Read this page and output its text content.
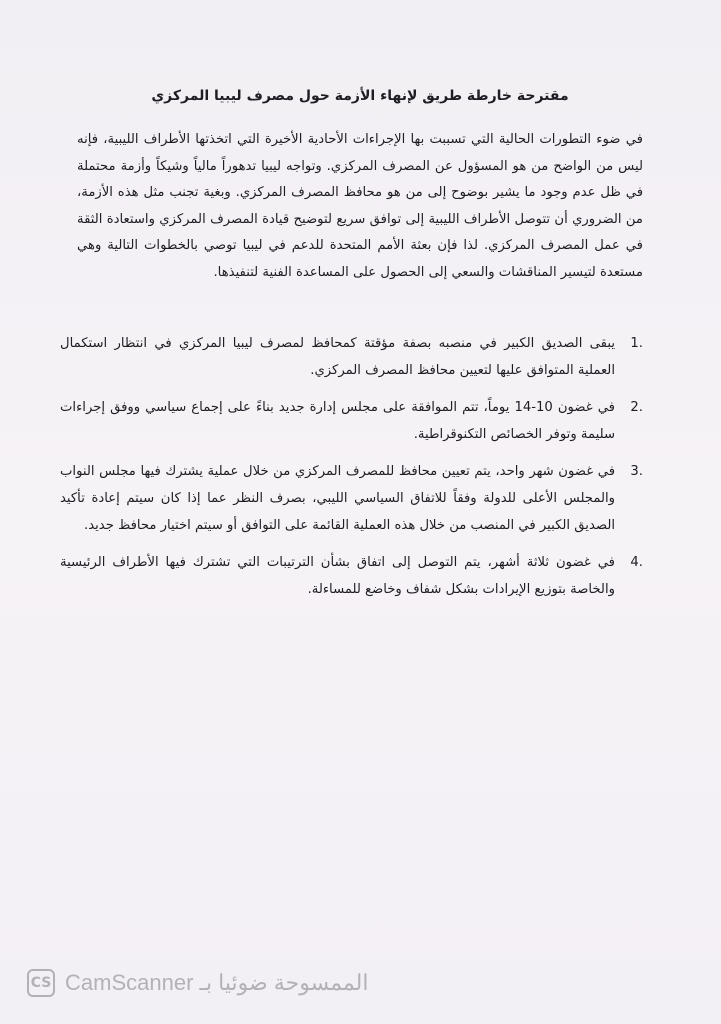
مقترحة خارطة طريق لإنهاء الأزمة حول مصرف ليبيا المركزي

في ضوء التطورات الحالية التي تسببت بها الإجراءات الأحادية الأخيرة التي اتخذتها الأطراف الليبية، فإنه ليس من الواضح من هو المسؤول عن المصرف المركزي. وتواجه ليبيا تدهوراً مالياً وشيكاً وأزمة محتملة في ظل عدم وجود ما يشير بوضوح إلى من هو محافظ المصرف المركزي. وبغية تجنب مثل هذه الأزمة، من الضروري أن تتوصل الأطراف الليبية إلى توافق سريع لتوضيح قيادة المصرف المركزي واستعادة الثقة في عمل المصرف المركزي. لذا فإن بعثة الأمم المتحدة للدعم في ليبيا توصي بالخطوات التالية وهي مستعدة لتيسير المناقشات والسعي إلى الحصول على المساعدة الفنية لتنفيذها.

1.
يبقى الصديق الكبير في منصبه بصفة مؤقتة كمحافظ لمصرف ليبيا المركزي في انتظار استكمال العملية المتوافق عليها لتعيين محافظ المصرف المركزي.
2.
في غضون 10-14 يوماً، تتم الموافقة على مجلس إدارة جديد بناءً على إجماع سياسي ووفق إجراءات سليمة وتوفر الخصائص التكنوقراطية.
3.
في غضون شهر واحد، يتم تعيين محافظ للمصرف المركزي من خلال عملية يشترك فيها مجلس النواب والمجلس الأعلى للدولة وفقاً للاتفاق السياسي الليبي، بصرف النظر عما إذا كان سيتم إعادة تأكيد الصديق الكبير في المنصب من خلال هذه العملية القائمة على التوافق أو سيتم اختيار محافظ جديد.
4.
في غضون ثلاثة أشهر، يتم التوصل إلى اتفاق بشأن الترتيبات التي تشترك فيها الأطراف الرئيسية والخاصة بتوزيع الإيرادات بشكل شفاف وخاضع للمساءلة.
CS الممسوحة ضوئيا بـ CamScanner
